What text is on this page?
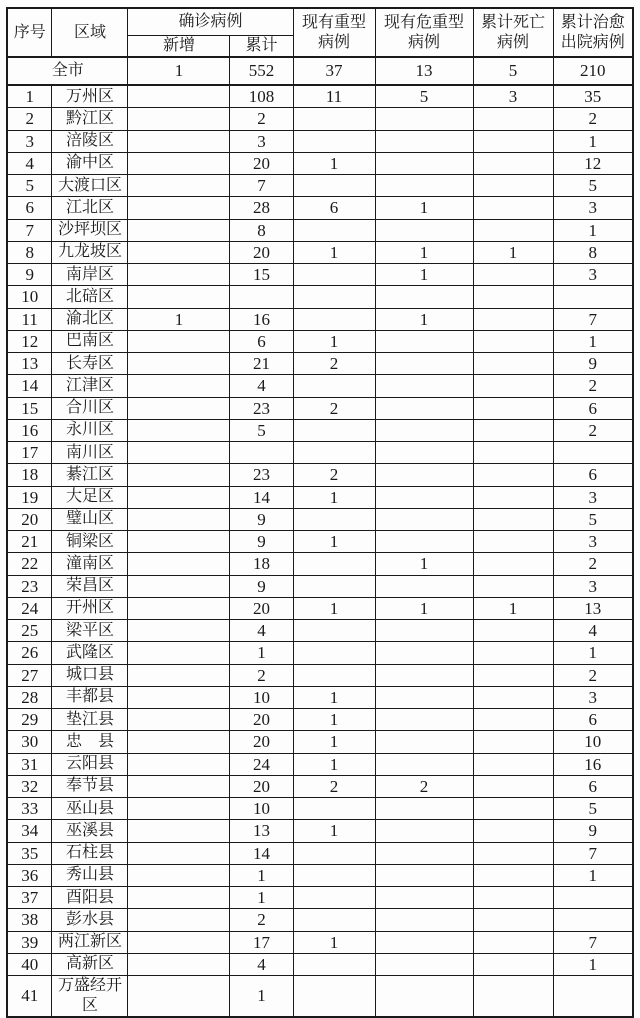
序号	区域	确诊病例		现有重型病例	现有危重型病例	累计死亡病例	累计治愈出院病例
		新增	累计				
全市		1	552	37	13	5	210
1	万州区		108	11	5	3	35
2	黔江区		2				2
3	涪陵区		3				1
4	渝中区		20	1			12
5	大渡口区		7				5
6	江北区		28	6	1		3
7	沙坪坝区		8				1
8	九龙坡区		20	1	1	1	8
9	南岸区		15		1		3
10	北碚区						
11	渝北区	1	16		1		7
12	巴南区		6	1			1
13	长寿区		21	2			9
14	江津区		4				2
15	合川区		23	2			6
16	永川区		5				2
17	南川区						
18	綦江区		23	2			6
19	大足区		14	1			3
20	璧山区		9				5
21	铜梁区		9	1			3
22	潼南区		18		1		2
23	荣昌区		9				3
24	开州区		20	1	1	1	13
25	梁平区		4				4
26	武隆区		1				1
27	城口县		2				2
28	丰都县		10	1			3
29	垫江县		20	1			6
30	忠　县		20	1			10
31	云阳县		24	1			16
32	奉节县		20	2	2		6
33	巫山县		10				5
34	巫溪县		13	1			9
35	石柱县		14				7
36	秀山县		1				1
37	酉阳县		1				
38	彭水县		2				
39	两江新区		17	1			7
40	高新区		4				1
41	万盛经开区		1				
